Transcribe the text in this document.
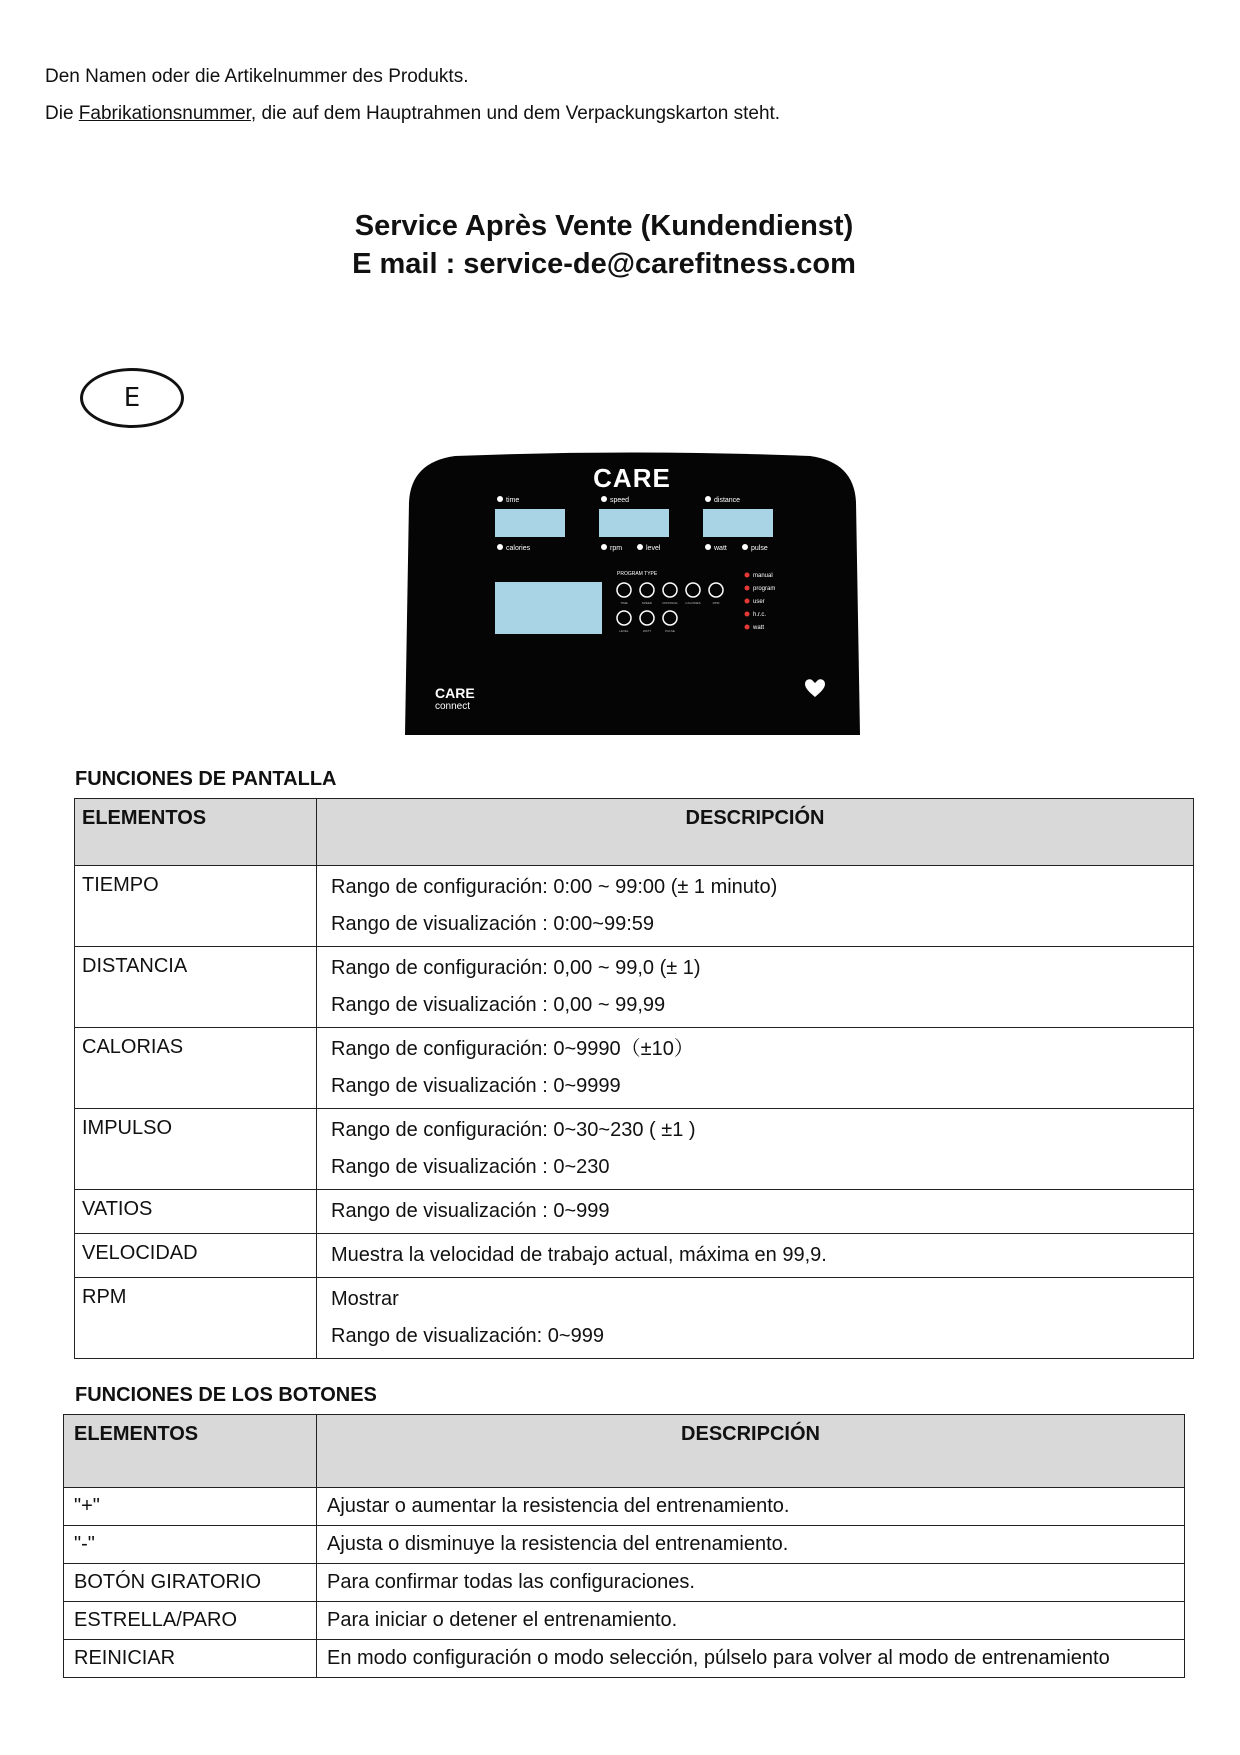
Den Namen oder die Artikelnummer des Produkts.
Die Fabrikationsnummer, die auf dem Hauptrahmen und dem Verpackungskarton steht.
Service Après Vente (Kundendienst)
E mail : service-de@carefitness.com
E
CARE
time	speed	distance
calories	rpm	level	watt	pulse
PROGRAM TYPE
TIME	SPEED	DISTANCE	CALORIES	RPM
LEVEL	WATT	PULSE
manual
program
user
h.r.c.
watt
CARE
connect
FUNCIONES DE PANTALLA
ELEMENTOS	DESCRIPCIÓN
TIEMPO	Rango de configuración: 0:00 ~ 99:00 (± 1 minuto)
Rango de visualización : 0:00~99:59

DISTANCIA	Rango de configuración: 0,00 ~ 99,0 (± 1)
Rango de visualización : 0,00 ~ 99,99

CALORIAS	Rango de configuración: 0~9990（±10）
Rango de visualización : 0~9999

IMPULSO	Rango de configuración: 0~30~230 ( ±1 )
Rango de visualización : 0~230

VATIOS	Rango de visualización : 0~999

VELOCIDAD	Muestra la velocidad de trabajo actual, máxima en 99,9.

RPM	Mostrar
Rango de visualización: 0~999
FUNCIONES DE LOS BOTONES
ELEMENTOS	DESCRIPCIÓN
"+"	Ajustar o aumentar la resistencia del entrenamiento.
"-"	Ajusta o disminuye la resistencia del entrenamiento.
BOTÓN GIRATORIO	Para confirmar todas las configuraciones.
ESTRELLA/PARO	Para iniciar o detener el entrenamiento.
REINICIAR	En modo configuración o modo selección, púlselo para volver al modo de entrenamiento
